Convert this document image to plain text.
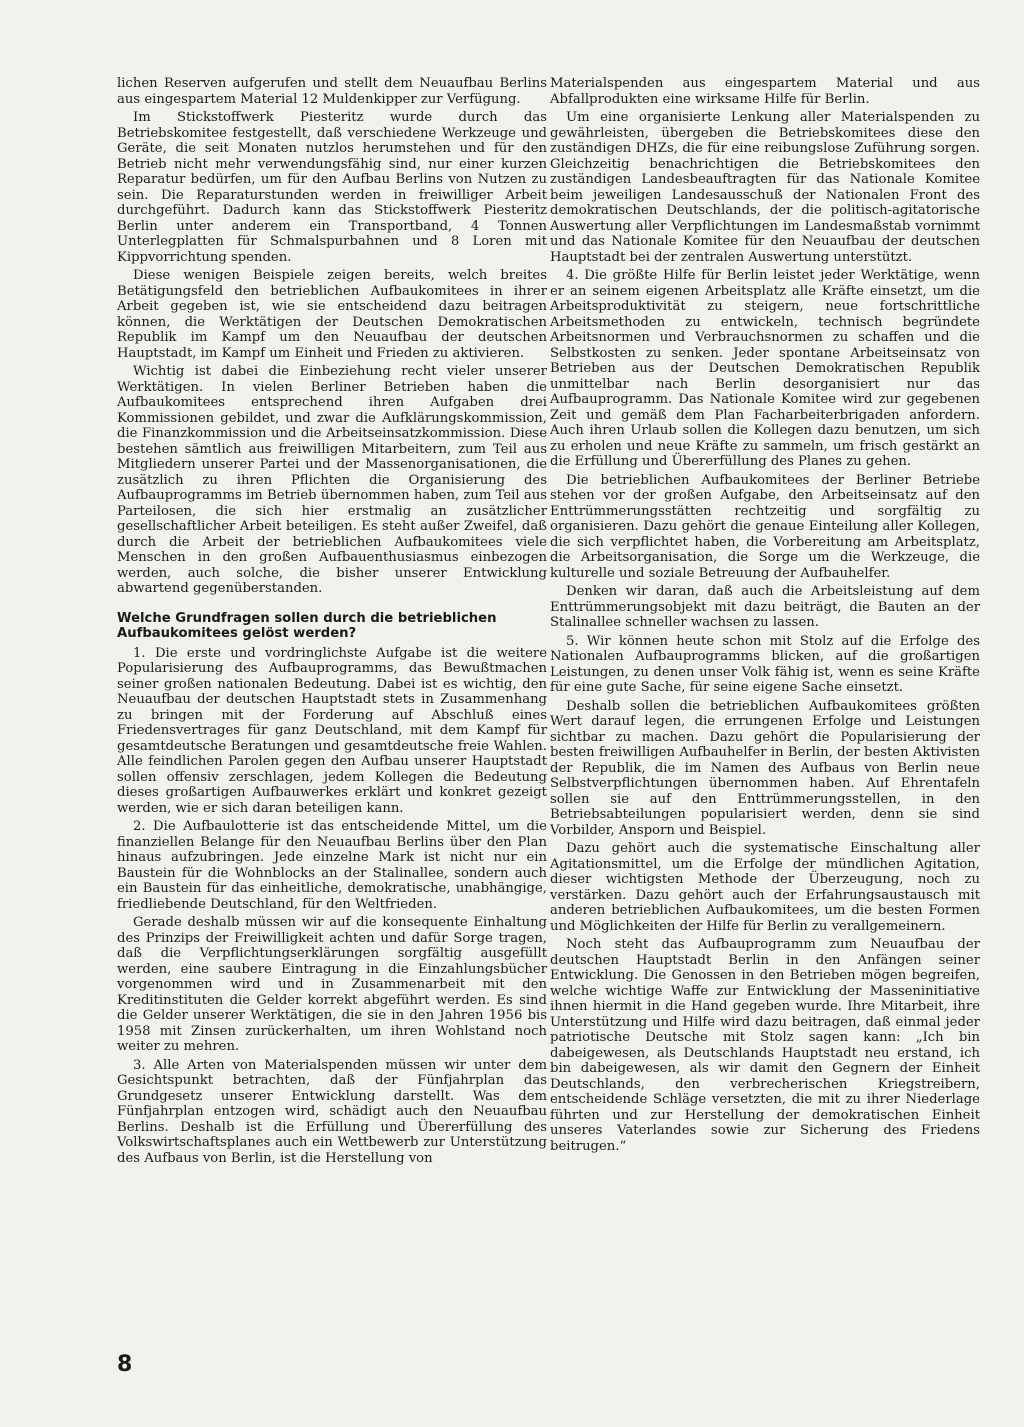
lichen Reserven aufgerufen und stellt dem Neuaufbau Berlins aus eingespartem Material 12 Muldenkipper zur Verfügung.

Im Stickstoffwerk Piesteritz wurde durch das Betriebskomitee festgestellt, daß verschiedene Werkzeuge und Geräte, die seit Monaten nutzlos herumstehen und für den Betrieb nicht mehr verwendungsfähig sind, nur einer kurzen Reparatur bedürfen, um für den Aufbau Berlins von Nutzen zu sein. Die Reparaturstunden werden in freiwilliger Arbeit durchgeführt. Dadurch kann das Stickstoffwerk Piesteritz Berlin unter anderem ein Transportband, 4 Tonnen Unterlegplatten für Schmalspurbahnen und 8 Loren mit Kippvorrichtung spenden.

Diese wenigen Beispiele zeigen bereits, welch breites Betätigungsfeld den betrieblichen Aufbaukomitees in ihrer Arbeit gegeben ist, wie sie entscheidend dazu beitragen können, die Werktätigen der Deutschen Demokratischen Republik im Kampf um den Neuaufbau der deutschen Hauptstadt, im Kampf um Einheit und Frieden zu aktivieren.

Wichtig ist dabei die Einbeziehung recht vieler unserer Werktätigen. In vielen Berliner Betrieben haben die Aufbaukomitees entsprechend ihren Aufgaben drei Kommissionen gebildet, und zwar die Aufklärungskommission, die Finanzkommission und die Arbeitseinsatzkommission. Diese bestehen sämtlich aus freiwilligen Mitarbeitern, zum Teil aus Mitgliedern unserer Partei und der Massenorganisationen, die zusätzlich zu ihren Pflichten die Organisierung des Aufbauprogramms im Betrieb übernommen haben, zum Teil aus Parteilosen, die sich hier erstmalig an zusätzlicher gesellschaftlicher Arbeit beteiligen. Es steht außer Zweifel, daß durch die Arbeit der betrieblichen Aufbaukomitees viele Menschen in den großen Aufbauenthusiasmus einbezogen werden, auch solche, die bisher unserer Entwicklung abwartend gegenüberstanden.

Welche Grundfragen sollen durch die betrieblichen Aufbaukomitees gelöst werden?

1. Die erste und vordringlichste Aufgabe ist die weitere Popularisierung des Aufbauprogramms, das Bewußtmachen seiner großen nationalen Bedeutung. Dabei ist es wichtig, den Neuaufbau der deutschen Hauptstadt stets in Zusammenhang zu bringen mit der Forderung auf Abschluß eines Friedensvertrages für ganz Deutschland, mit dem Kampf für gesamtdeutsche Beratungen und gesamtdeutsche freie Wahlen. Alle feindlichen Parolen gegen den Aufbau unserer Hauptstadt sollen offensiv zerschlagen, jedem Kollegen die Bedeutung dieses großartigen Aufbauwerkes erklärt und konkret gezeigt werden, wie er sich daran beteiligen kann.

2. Die Aufbaulotterie ist das entscheidende Mittel, um die finanziellen Belange für den Neuaufbau Berlins über den Plan hinaus aufzubringen. Jede einzelne Mark ist nicht nur ein Baustein für die Wohnblocks an der Stalinallee, sondern auch ein Baustein für das einheitliche, demokratische, unabhängige, friedliebende Deutschland, für den Weltfrieden.

Gerade deshalb müssen wir auf die konsequente Einhaltung des Prinzips der Freiwilligkeit achten und dafür Sorge tragen, daß die Verpflichtungserklärungen sorgfältig ausgefüllt werden, eine saubere Eintragung in die Einzahlungsbücher vorgenommen wird und in Zusammenarbeit mit den Kreditinstituten die Gelder korrekt abgeführt werden. Es sind die Gelder unserer Werktätigen, die sie in den Jahren 1956 bis 1958 mit Zinsen zurückerhalten, um ihren Wohlstand noch weiter zu mehren.

3. Alle Arten von Materialspenden müssen wir unter dem Gesichtspunkt betrachten, daß der Fünfjahrplan das Grundgesetz unserer Entwicklung darstellt. Was dem Fünfjahrplan entzogen wird, schädigt auch den Neuaufbau Berlins. Deshalb ist die Erfüllung und Übererfüllung des Volkswirtschaftsplanes auch ein Wettbewerb zur Unterstützung des Aufbaus von Berlin, ist die Herstellung von

Materialspenden aus eingespartem Material und aus Abfallprodukten eine wirksame Hilfe für Berlin.

Um eine organisierte Lenkung aller Materialspenden zu gewährleisten, übergeben die Betriebskomitees diese den zuständigen DHZs, die für eine reibungslose Zuführung sorgen. Gleichzeitig benachrichtigen die Betriebskomitees den zuständigen Landesbeauftragten für das Nationale Komitee beim jeweiligen Landesausschuß der Nationalen Front des demokratischen Deutschlands, der die politisch-agitatorische Auswertung aller Verpflichtungen im Landesmaßstab vornimmt und das Nationale Komitee für den Neuaufbau der deutschen Hauptstadt bei der zentralen Auswertung unterstützt.

4. Die größte Hilfe für Berlin leistet jeder Werktätige, wenn er an seinem eigenen Arbeitsplatz alle Kräfte einsetzt, um die Arbeitsproduktivität zu steigern, neue fortschrittliche Arbeitsmethoden zu entwickeln, technisch begründete Arbeitsnormen und Verbrauchsnormen zu schaffen und die Selbstkosten zu senken. Jeder spontane Arbeitseinsatz von Betrieben aus der Deutschen Demokratischen Republik unmittelbar nach Berlin desorganisiert nur das Aufbauprogramm. Das Nationale Komitee wird zur gegebenen Zeit und gemäß dem Plan Facharbeiterbrigaden anfordern. Auch ihren Urlaub sollen die Kollegen dazu benutzen, um sich zu erholen und neue Kräfte zu sammeln, um frisch gestärkt an die Erfüllung und Übererfüllung des Planes zu gehen.

Die betrieblichen Aufbaukomitees der Berliner Betriebe stehen vor der großen Aufgabe, den Arbeitseinsatz auf den Enttrümmerungsstätten rechtzeitig und sorgfältig zu organisieren. Dazu gehört die genaue Einteilung aller Kollegen, die sich verpflichtet haben, die Vorbereitung am Arbeitsplatz, die Arbeitsorganisation, die Sorge um die Werkzeuge, die kulturelle und soziale Betreuung der Aufbauhelfer.

Denken wir daran, daß auch die Arbeitsleistung auf dem Enttrümmerungsobjekt mit dazu beiträgt, die Bauten an der Stalinallee schneller wachsen zu lassen.

5. Wir können heute schon mit Stolz auf die Erfolge des Nationalen Aufbauprogramms blicken, auf die großartigen Leistungen, zu denen unser Volk fähig ist, wenn es seine Kräfte für eine gute Sache, für seine eigene Sache einsetzt.

Deshalb sollen die betrieblichen Aufbaukomitees größten Wert darauf legen, die errungenen Erfolge und Leistungen sichtbar zu machen. Dazu gehört die Popularisierung der besten freiwilligen Aufbauhelfer in Berlin, der besten Aktivisten der Republik, die im Namen des Aufbaus von Berlin neue Selbstverpflichtungen übernommen haben. Auf Ehrentafeln sollen sie auf den Enttrümmerungsstellen, in den Betriebsabteilungen popularisiert werden, denn sie sind Vorbilder, Ansporn und Beispiel.

Dazu gehört auch die systematische Einschaltung aller Agitationsmittel, um die Erfolge der mündlichen Agitation, dieser wichtigsten Methode der Überzeugung, noch zu verstärken. Dazu gehört auch der Erfahrungsaustausch mit anderen betrieblichen Aufbaukomitees, um die besten Formen und Möglichkeiten der Hilfe für Berlin zu verallgemeinern.

Noch steht das Aufbauprogramm zum Neuaufbau der deutschen Hauptstadt Berlin in den Anfängen seiner Entwicklung. Die Genossen in den Betrieben mögen begreifen, welche wichtige Waffe zur Entwicklung der Masseninitiative ihnen hiermit in die Hand gegeben wurde. Ihre Mitarbeit, ihre Unterstützung und Hilfe wird dazu beitragen, daß einmal jeder patriotische Deutsche mit Stolz sagen kann: „Ich bin dabeigewesen, als Deutschlands Hauptstadt neu erstand, ich bin dabeigewesen, als wir damit den Gegnern der Einheit Deutschlands, den verbrecherischen Kriegstreibern, entscheidende Schläge versetzten, die mit zu ihrer Niederlage führten und zur Herstellung der demokratischen Einheit unseres Vaterlandes sowie zur Sicherung des Friedens beitrugen.“

8
